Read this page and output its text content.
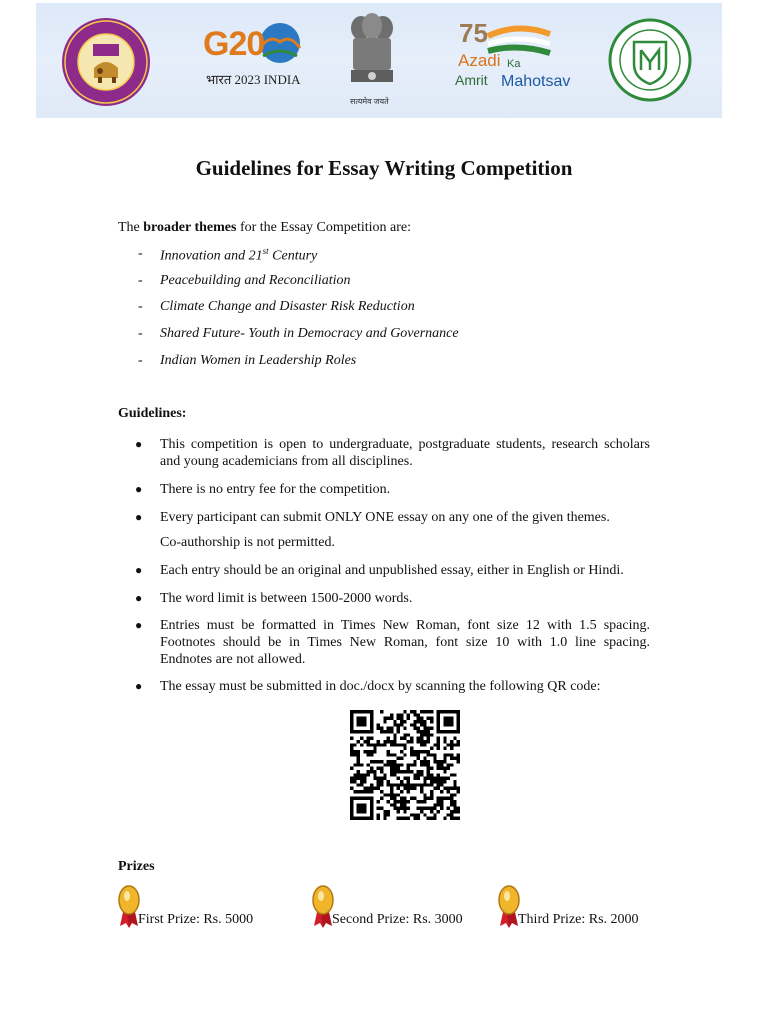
G20
भारत 2023 INDIA
सत्यमेव जयते
75
Azadi Ka
Amrit Mahotsav
Guidelines for Essay Writing Competition
The broader themes for the Essay Competition are:
- Innovation and 21st Century
- Peacebuilding and Reconciliation
- Climate Change and Disaster Risk Reduction
- Shared Future- Youth in Democracy and Governance
- Indian Women in Leadership Roles
Guidelines:
● This competition is open to undergraduate, postgraduate students, research scholars and young academicians from all disciplines.
● There is no entry fee for the competition.
● Every participant can submit ONLY ONE essay on any one of the given themes.
● Each entry should be an original and unpublished essay, either in English or Hindi.
● The word limit is between 1500-2000 words.
● Entries must be formatted in Times New Roman, font size 12 with 1.5 spacing. Footnotes should be in Times New Roman, font size 10 with 1.0 line spacing. Endnotes are not allowed.
● The essay must be submitted in doc./docx by scanning the following QR code:
Co-authorship is not permitted.
Prizes
First Prize: Rs. 5000	Second Prize: Rs. 3000	Third Prize: Rs. 2000
